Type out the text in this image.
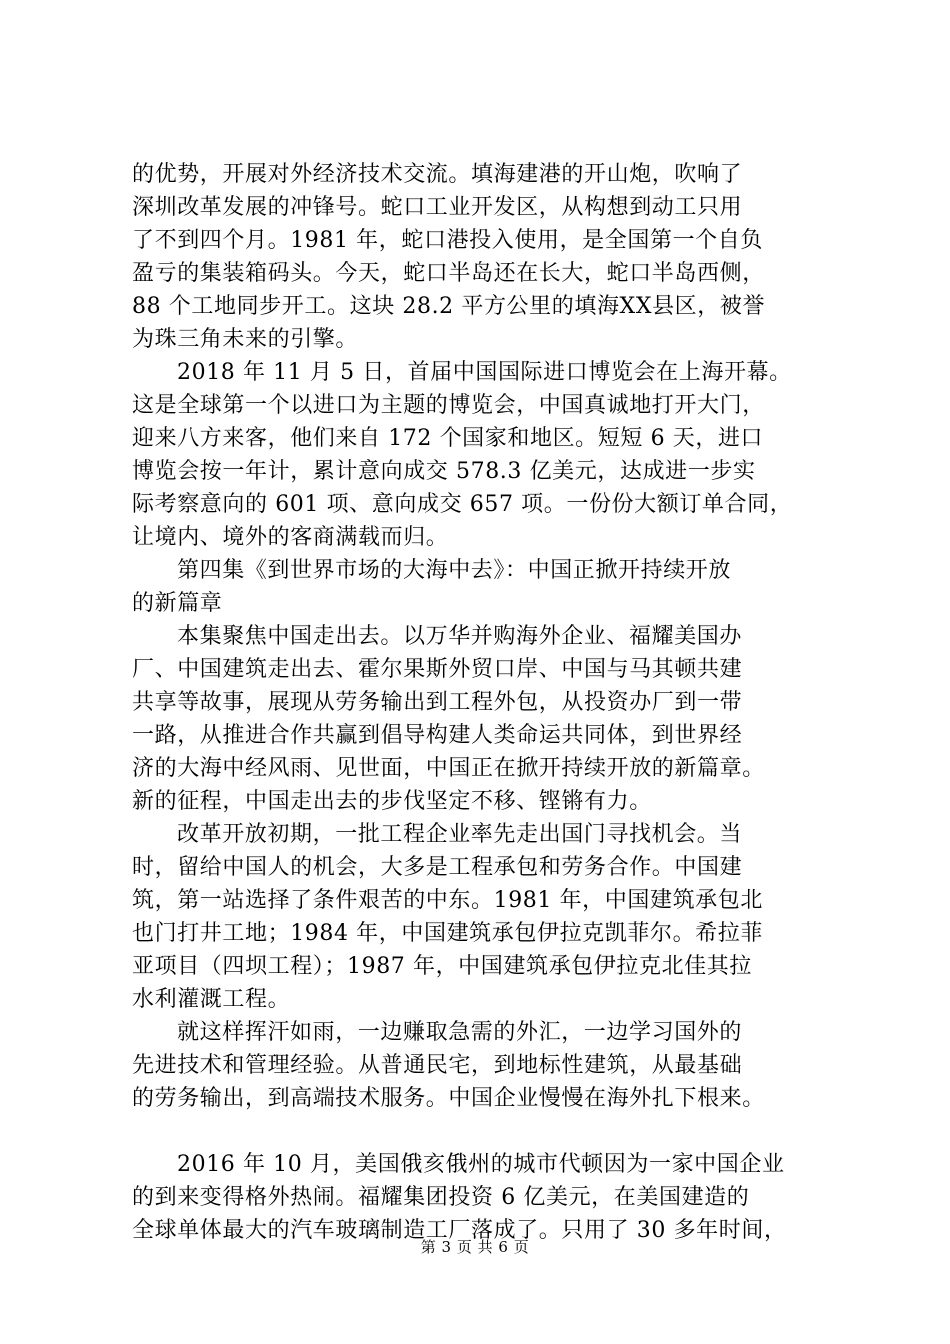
的优势，开展对外经济技术交流。填海建港的开山炮，吹响了
深圳改革发展的冲锋号。蛇口工业开发区，从构想到动工只用
了不到四个月。1981 年，蛇口港投入使用，是全国第一个自负
盈亏的集装箱码头。今天，蛇口半岛还在长大，蛇口半岛西侧，
88 个工地同步开工。这块 28.2 平方公里的填海XX县区，被誉
为珠三角未来的引擎。
2018 年 11 月 5 日，首届中国国际进口博览会在上海开幕。
这是全球第一个以进口为主题的博览会，中国真诚地打开大门，
迎来八方来客，他们来自 172 个国家和地区。短短 6 天，进口
博览会按一年计，累计意向成交 578.3 亿美元，达成进一步实
际考察意向的 601 项、意向成交 657 项。一份份大额订单合同，
让境内、境外的客商满载而归。
第四集《到世界市场的大海中去》：中国正掀开持续开放
的新篇章
本集聚焦中国走出去。以万华并购海外企业、福耀美国办
厂、中国建筑走出去、霍尔果斯外贸口岸、中国与马其顿共建
共享等故事，展现从劳务输出到工程外包，从投资办厂到一带
一路，从推进合作共赢到倡导构建人类命运共同体，到世界经
济的大海中经风雨、见世面，中国正在掀开持续开放的新篇章。
新的征程，中国走出去的步伐坚定不移、铿锵有力。
改革开放初期，一批工程企业率先走出国门寻找机会。当
时，留给中国人的机会，大多是工程承包和劳务合作。中国建
筑，第一站选择了条件艰苦的中东。1981 年，中国建筑承包北
也门打井工地；1984 年，中国建筑承包伊拉克凯菲尔。希拉菲
亚项目（四坝工程）；1987 年，中国建筑承包伊拉克北佳其拉
水利灌溉工程。
就这样挥汗如雨，一边赚取急需的外汇，一边学习国外的
先进技术和管理经验。从普通民宅，到地标性建筑，从最基础
的劳务输出，到高端技术服务。中国企业慢慢在海外扎下根来。
2016 年 10 月，美国俄亥俄州的城市代顿因为一家中国企业
的到来变得格外热闹。福耀集团投资 6 亿美元，在美国建造的
全球单体最大的汽车玻璃制造工厂落成了。只用了 30 多年时间，
第 3 页 共 6 页
